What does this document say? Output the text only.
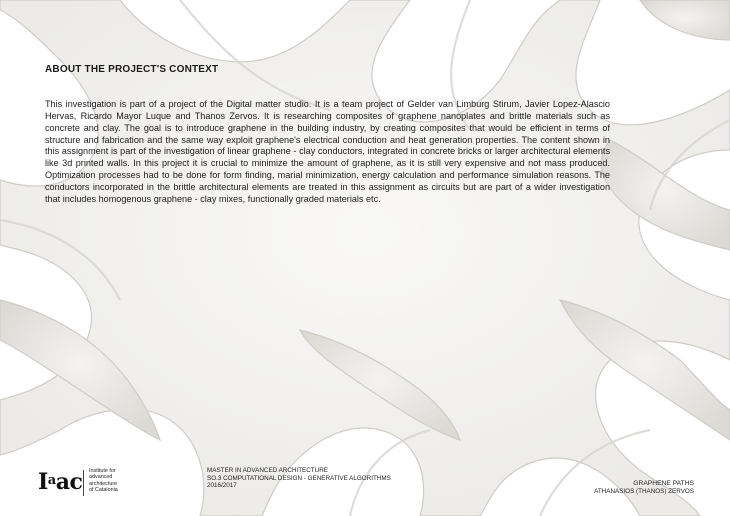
ABOUT THE PROJECT'S CONTEXT

This investigation is part of a project of the Digital matter studio. It is a team project of Gelder van Limburg Stirum, Javier Lopez-Alascio Hervas, Ricardo Mayor Luque and Thanos Zervos. It is researching composites of graphene nanoplates and brittle materials such as concrete and clay. The goal is to introduce graphene in the building industry, by creating composites that would be efficient in terms of structure and fabrication and the same way exploit graphene's electrical conduction and heat generation properties. The content shown in this assignment is part of the investigation of linear graphene - clay conductors, integrated in concrete bricks or larger architectural elements like 3d printed walls. In this project it is crucial to minimize the amount of graphene, as it is still very expensive and not mass produced. Optimization processes had to be done for form finding, marial minimization, energy calculation and performance simulation reasons. The conductors incorporated in the brittle architectural elements are treated in this assignment as circuits but are part of a wider investigation that includes homogenous graphene - clay mixes, functionally graded materials etc.

$I^aac$ Institute for
advanced
architecture
of Catalonia
MASTER IN ADVANCED ARCHITECTURE
SO.3 COMPUTATIONAL DESIGN - GENERATIVE ALGORITHMS
2016/2017	GRAPHENE PATHS
ATHANASIOS (THANOS) ZERVOS
